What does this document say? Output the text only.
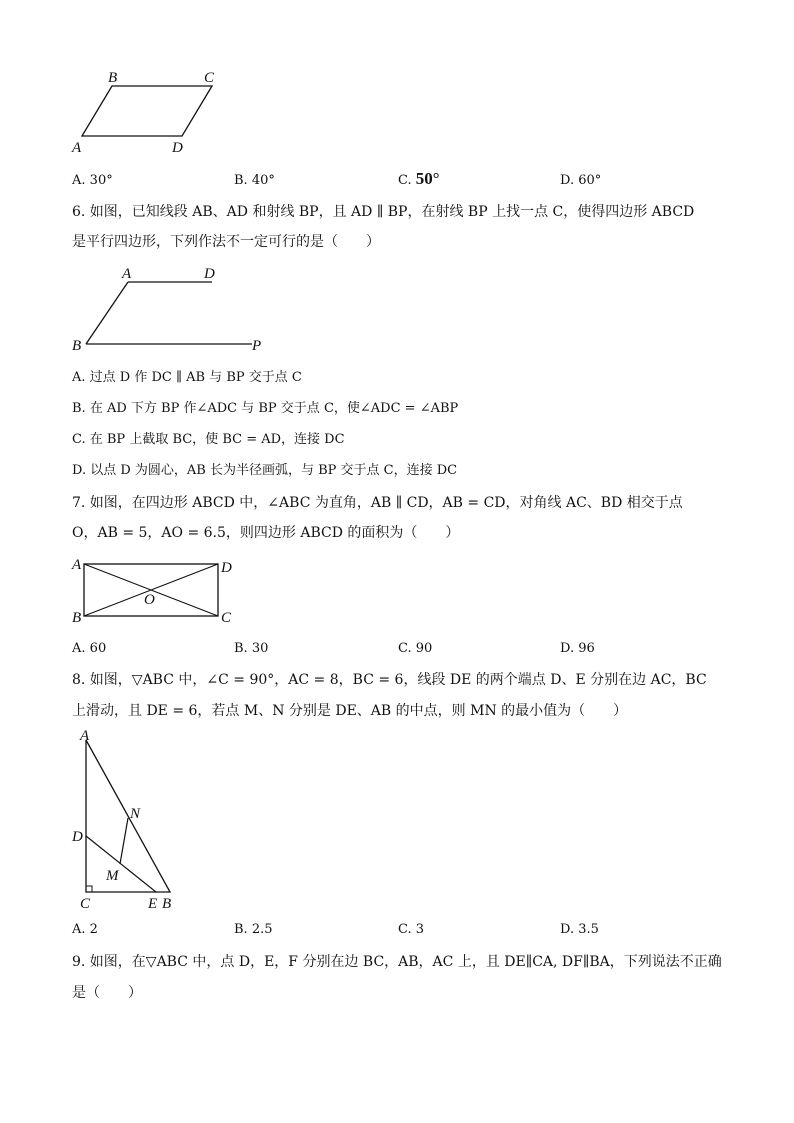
B	C
A	D
A. 30°	B. 40°	C. 50°	D. 60°
6. 如图，已知线段 AB、AD 和射线 BP，且 AD ∥ BP，在射线 BP 上找一点 C，使得四边形 ABCD
是平行四边形，下列作法不一定可行的是（　　）
A	D
B	P
A. 过点 D 作 DC ∥ AB 与 BP 交于点 C
B. 在 AD 下方 BP 作∠ADC 与 BP 交于点 C，使∠ADC = ∠ABP
C. 在 BP 上截取 BC，使 BC = AD，连接 DC
D. 以点 D 为圆心，AB 长为半径画弧，与 BP 交于点 C，连接 DC
7. 如图，在四边形 ABCD 中，∠ABC 为直角，AB ∥ CD，AB = CD，对角线 AC、BD 相交于点
O，AB = 5，AO = 6.5，则四边形 ABCD 的面积为（　　）
A	D
B	C
O
A. 60	B. 30	C. 90	D. 96
8. 如图，▽ABC 中，∠C = 90°，AC = 8，BC = 6，线段 DE 的两个端点 D、E 分别在边 AC，BC
上滑动，且 DE = 6，若点 M、N 分别是 DE、AB 的中点，则 MN 的最小值为（　　）
A
N
D
M
C	E B
A. 2	B. 2.5	C. 3	D. 3.5
9. 如图，在▽ABC 中，点 D，E，F 分别在边 BC，AB，AC 上，且 DE∥CA, DF∥BA，下列说法不正确
是（　　）
